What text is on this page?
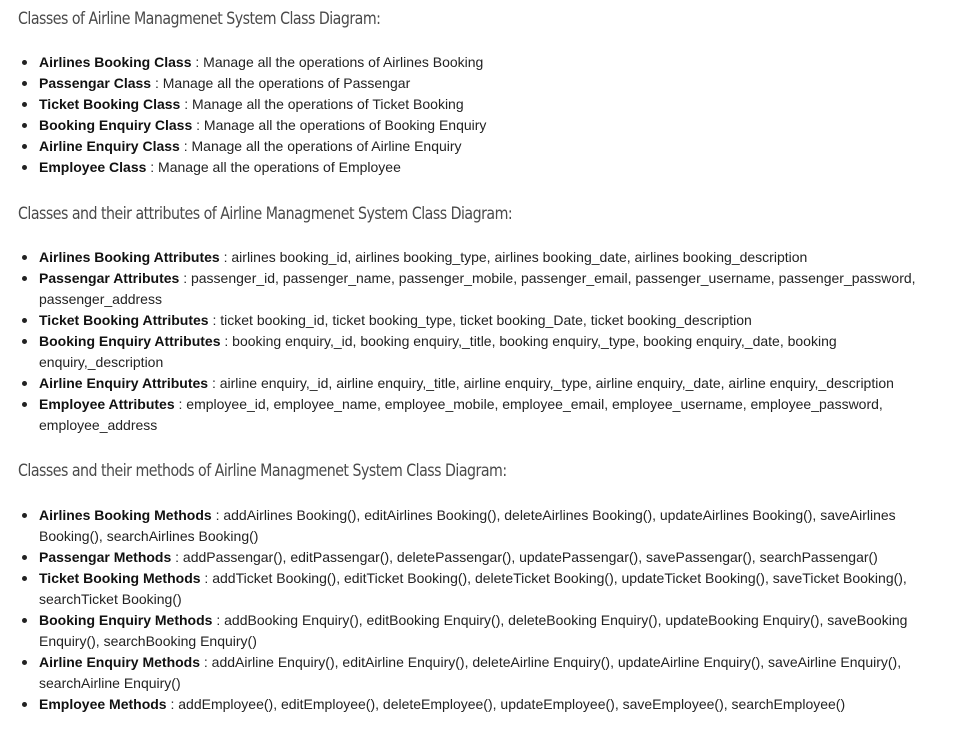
Classes of Airline Managmenet System Class Diagram:
Airlines Booking Class : Manage all the operations of Airlines Booking
Passengar Class : Manage all the operations of Passengar
Ticket Booking Class : Manage all the operations of Ticket Booking
Booking Enquiry Class : Manage all the operations of Booking Enquiry
Airline Enquiry Class : Manage all the operations of Airline Enquiry
Employee Class : Manage all the operations of Employee
Classes and their attributes of Airline Managmenet System Class Diagram:
Airlines Booking Attributes : airlines booking_id, airlines booking_type, airlines booking_date, airlines booking_description
Passengar Attributes : passenger_id, passenger_name, passenger_mobile, passenger_email, passenger_username, passenger_password, passenger_address
Ticket Booking Attributes : ticket booking_id, ticket booking_type, ticket booking_Date, ticket booking_description
Booking Enquiry Attributes : booking enquiry,_id, booking enquiry,_title, booking enquiry,_type, booking enquiry,_date, booking enquiry,_description
Airline Enquiry Attributes : airline enquiry,_id, airline enquiry,_title, airline enquiry,_type, airline enquiry,_date, airline enquiry,_description
Employee Attributes : employee_id, employee_name, employee_mobile, employee_email, employee_username, employee_password, employee_address
Classes and their methods of Airline Managmenet System Class Diagram:
Airlines Booking Methods : addAirlines Booking(), editAirlines Booking(), deleteAirlines Booking(), updateAirlines Booking(), saveAirlines Booking(), searchAirlines Booking()
Passengar Methods : addPassengar(), editPassengar(), deletePassengar(), updatePassengar(), savePassengar(), searchPassengar()
Ticket Booking Methods : addTicket Booking(), editTicket Booking(), deleteTicket Booking(), updateTicket Booking(), saveTicket Booking(), searchTicket Booking()
Booking Enquiry Methods : addBooking Enquiry(), editBooking Enquiry(), deleteBooking Enquiry(), updateBooking Enquiry(), saveBooking Enquiry(), searchBooking Enquiry()
Airline Enquiry Methods : addAirline Enquiry(), editAirline Enquiry(), deleteAirline Enquiry(), updateAirline Enquiry(), saveAirline Enquiry(), searchAirline Enquiry()
Employee Methods : addEmployee(), editEmployee(), deleteEmployee(), updateEmployee(), saveEmployee(), searchEmployee()
